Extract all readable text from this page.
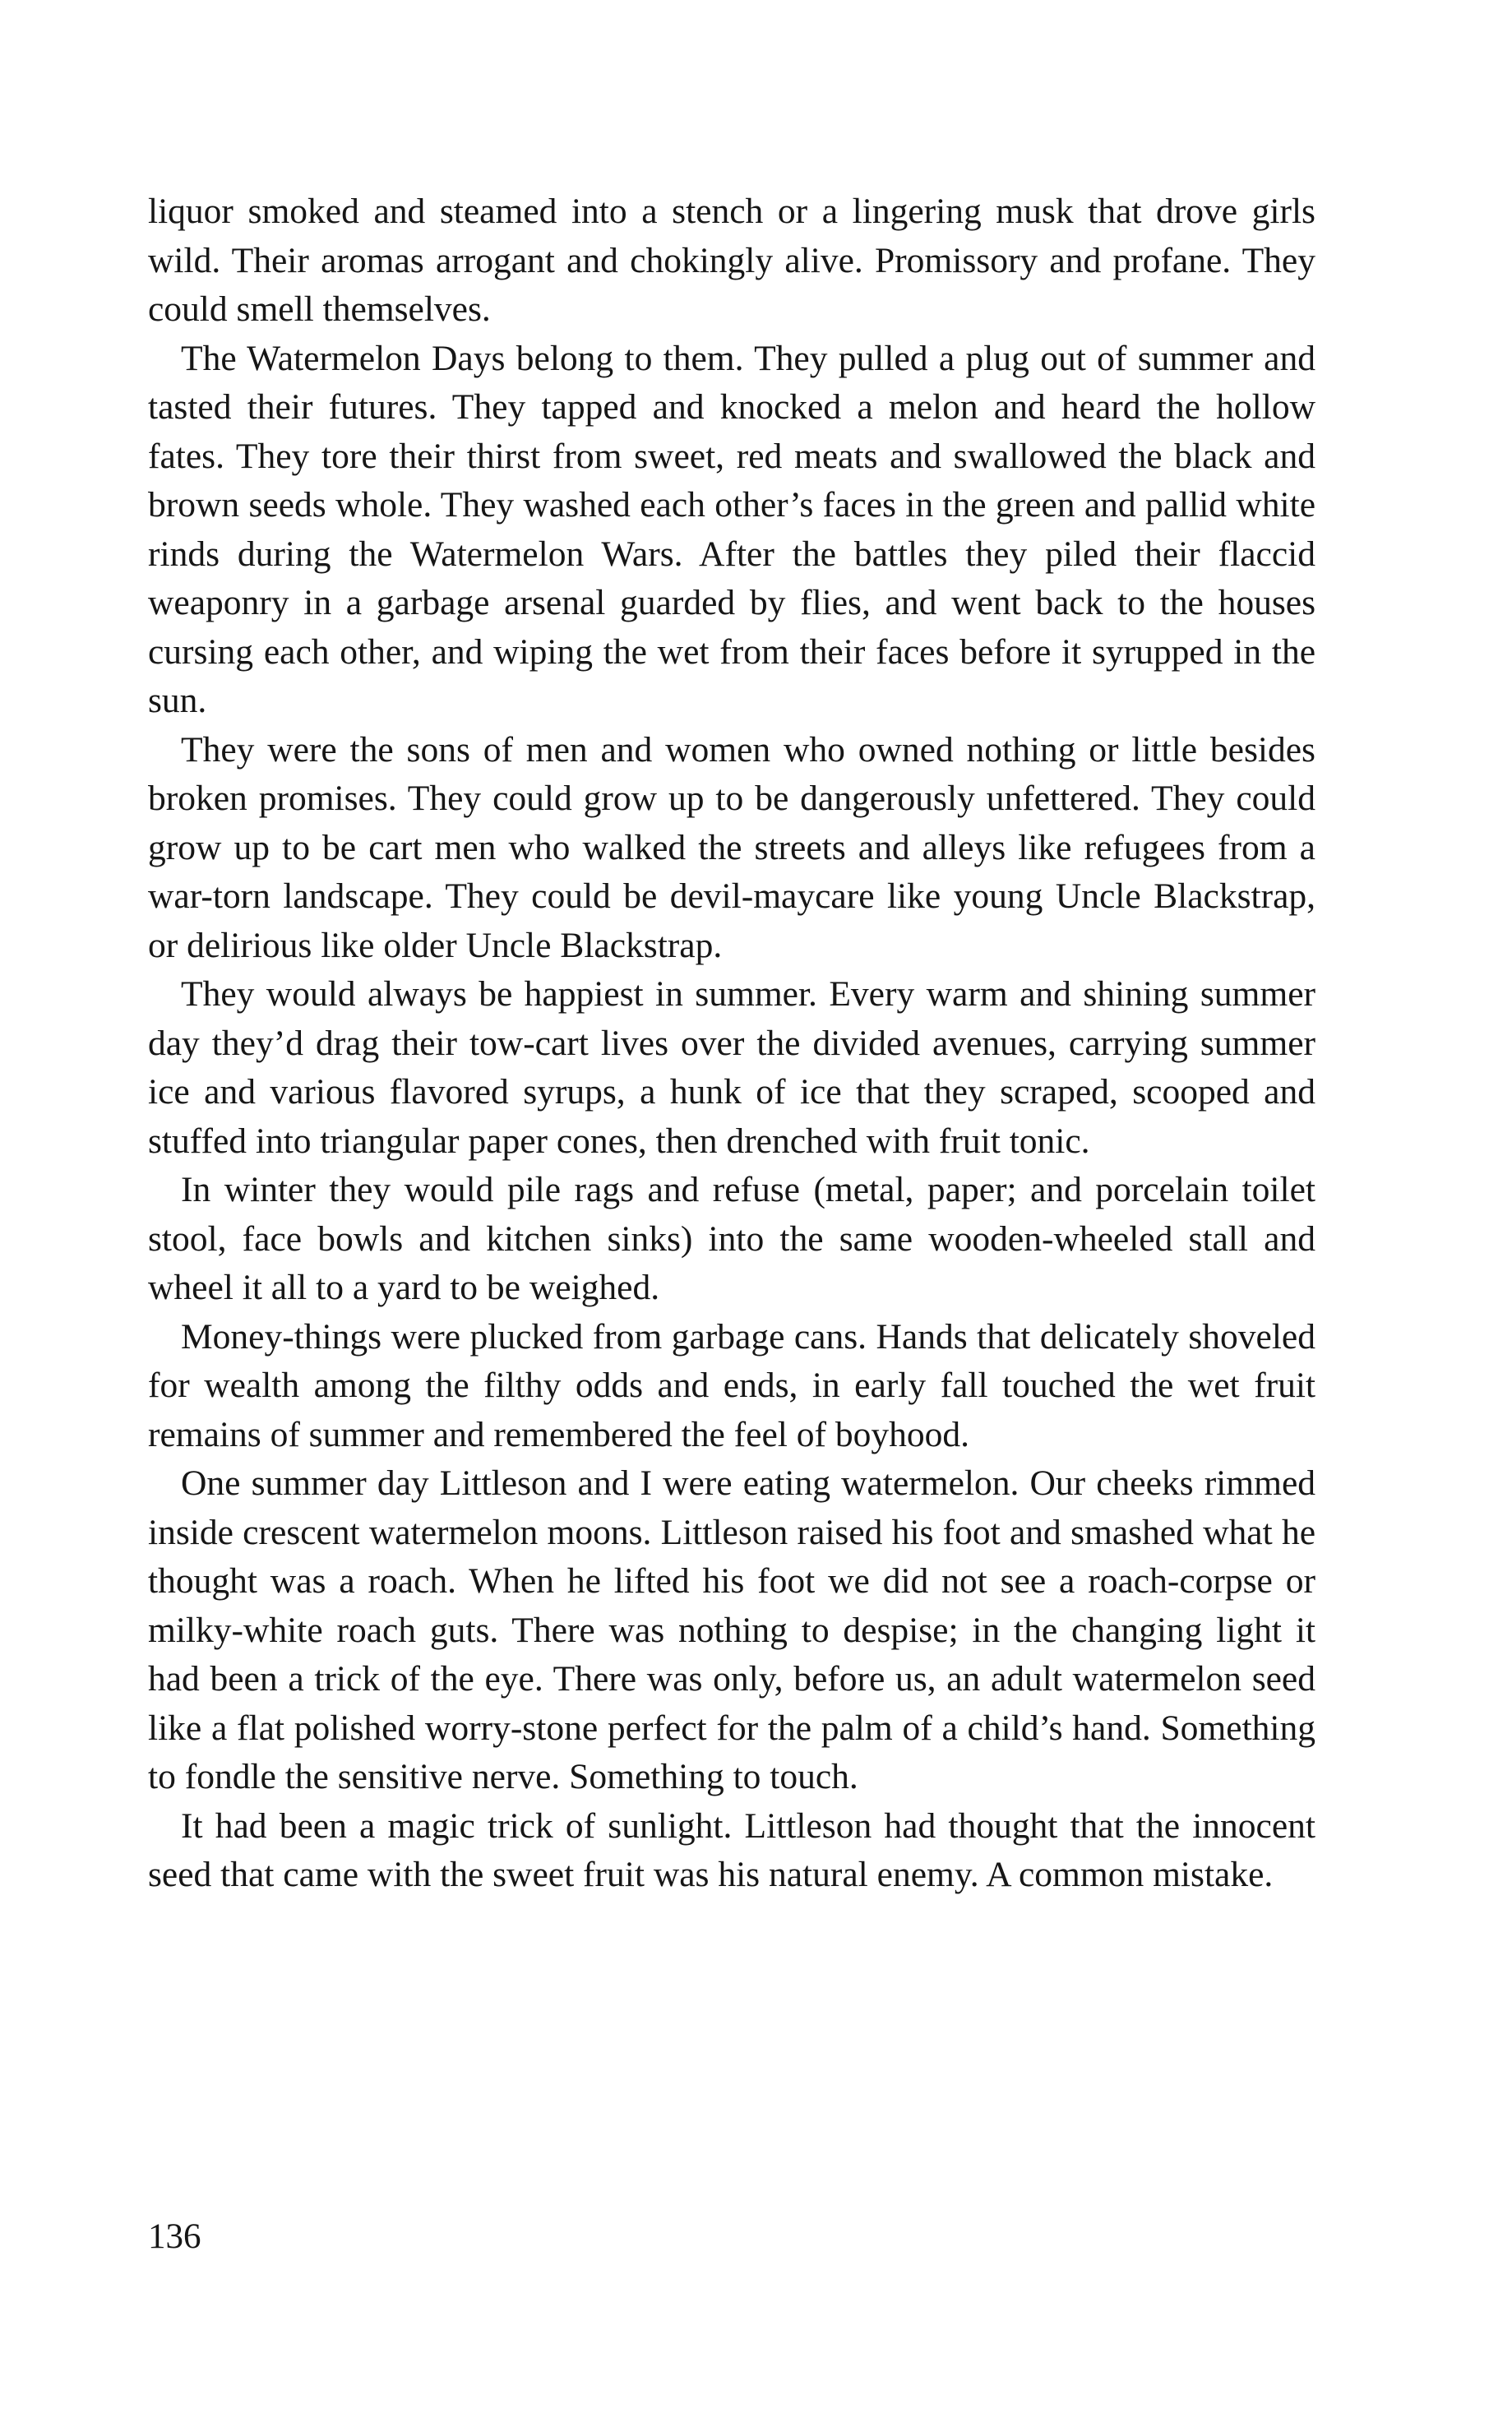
liquor smoked and steamed into a stench or a lingering musk that drove girls wild. Their aromas arrogant and chokingly alive. Promissory and profane. They could smell themselves.

The Watermelon Days belong to them. They pulled a plug out of summer and tasted their futures. They tapped and knocked a melon and heard the hollow fates. They tore their thirst from sweet, red meats and swallowed the black and brown seeds whole. They washed each other’s faces in the green and pallid white rinds during the Watermelon Wars. After the battles they piled their flaccid weaponry in a garbage arsenal guarded by flies, and went back to the houses cursing each other, and wiping the wet from their faces before it syrupped in the sun.

They were the sons of men and women who owned nothing or little besides broken promises. They could grow up to be dangerously unfettered. They could grow up to be cart men who walked the streets and alleys like refugees from a war-torn landscape. They could be devil-maycare like young Uncle Blackstrap, or delirious like older Uncle Blackstrap.

They would always be happiest in summer. Every warm and shining summer day they’d drag their tow-cart lives over the divided avenues, carrying summer ice and various flavored syrups, a hunk of ice that they scraped, scooped and stuffed into triangular paper cones, then drenched with fruit tonic.

In winter they would pile rags and refuse (metal, paper; and porcelain toilet stool, face bowls and kitchen sinks) into the same wooden-wheeled stall and wheel it all to a yard to be weighed.

Money-things were plucked from garbage cans. Hands that delicately shoveled for wealth among the filthy odds and ends, in early fall touched the wet fruit remains of summer and remembered the feel of boyhood.

One summer day Littleson and I were eating watermelon. Our cheeks rimmed inside crescent watermelon moons. Littleson raised his foot and smashed what he thought was a roach. When he lifted his foot we did not see a roach-corpse or milky-white roach guts. There was nothing to despise; in the changing light it had been a trick of the eye. There was only, before us, an adult watermelon seed like a flat polished worry-stone perfect for the palm of a child’s hand. Something to fondle the sensitive nerve. Something to touch.

It had been a magic trick of sunlight. Littleson had thought that the innocent seed that came with the sweet fruit was his natural enemy. A common mistake.

136
